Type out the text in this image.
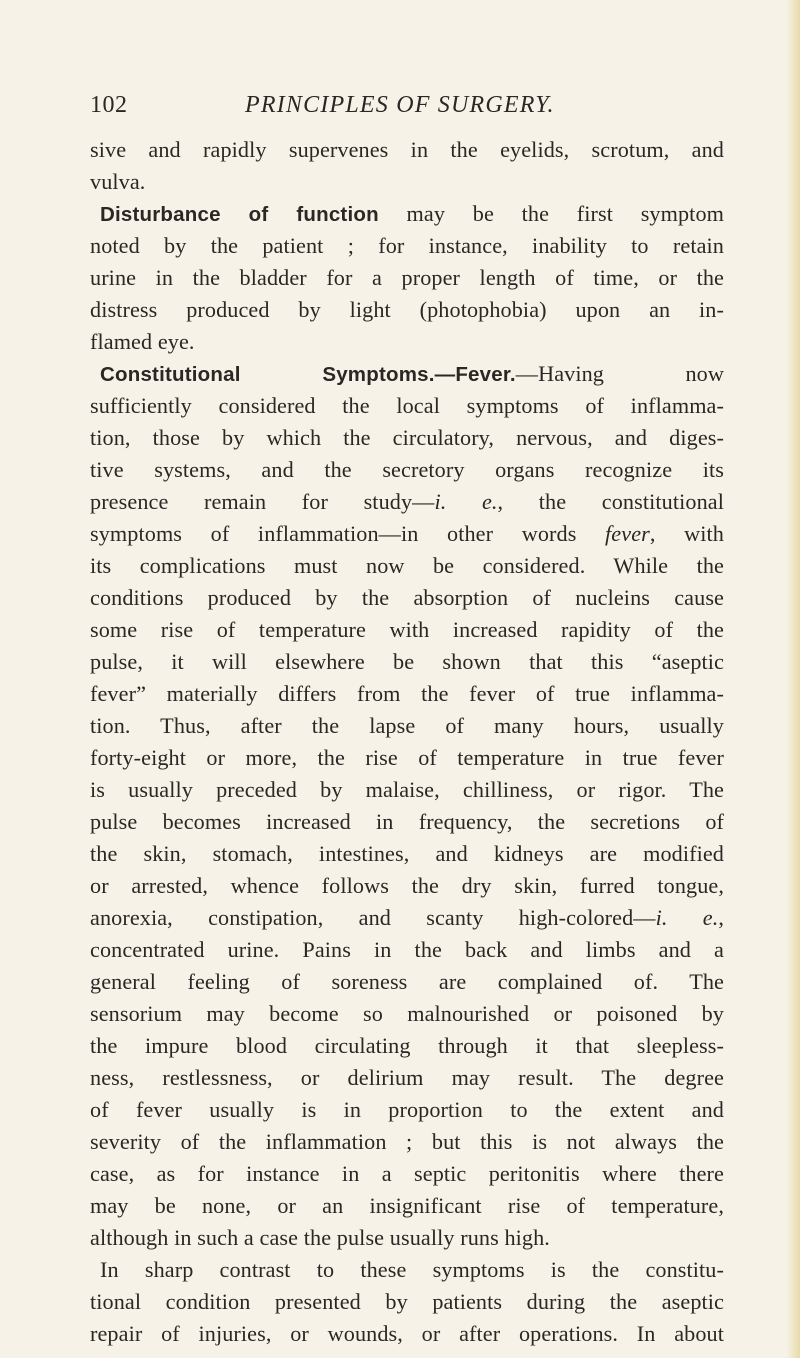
102	PRINCIPLES OF SURGERY.
sive and rapidly supervenes in the eyelids, scrotum, and
vulva.
Disturbance of function may be the first symptom
noted by the patient ; for instance, inability to retain
urine in the bladder for a proper length of time, or the
distress produced by light (photophobia) upon an in-
flamed eye.
Constitutional Symptoms.—Fever.—Having now
sufficiently considered the local symptoms of inflamma-
tion, those by which the circulatory, nervous, and diges-
tive systems, and the secretory organs recognize its
presence remain for study—i. e., the constitutional
symptoms of inflammation—in other words fever, with
its complications must now be considered. While the
conditions produced by the absorption of nucleins cause
some rise of temperature with increased rapidity of the
pulse, it will elsewhere be shown that this “aseptic
fever” materially differs from the fever of true inflamma-
tion. Thus, after the lapse of many hours, usually
forty-eight or more, the rise of temperature in true fever
is usually preceded by malaise, chilliness, or rigor. The
pulse becomes increased in frequency, the secretions of
the skin, stomach, intestines, and kidneys are modified
or arrested, whence follows the dry skin, furred tongue,
anorexia, constipation, and scanty high-colored—i. e.,
concentrated urine. Pains in the back and limbs and a
general feeling of soreness are complained of. The
sensorium may become so malnourished or poisoned by
the impure blood circulating through it that sleepless-
ness, restlessness, or delirium may result. The degree
of fever usually is in proportion to the extent and
severity of the inflammation ; but this is not always the
case, as for instance in a septic peritonitis where there
may be none, or an insignificant rise of temperature,
although in such a case the pulse usually runs high.
In sharp contrast to these symptoms is the constitu-
tional condition presented by patients during the aseptic
repair of injuries, or wounds, or after operations. In about
